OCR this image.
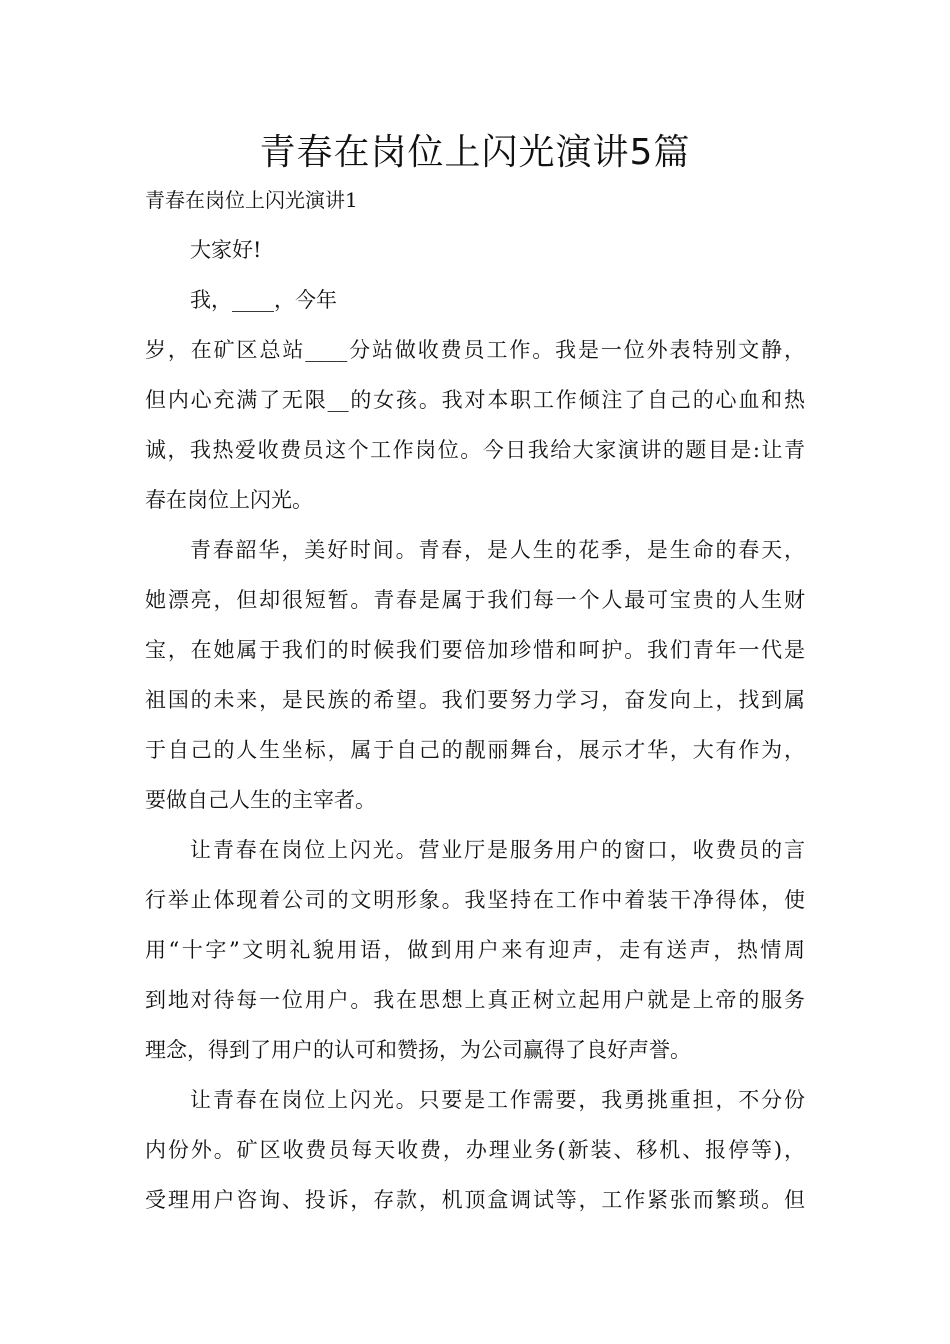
青春在岗位上闪光演讲5篇
青春在岗位上闪光演讲1
大家好!
我，____，今年
岁，在矿区总站____分站做收费员工作。我是一位外表特别文静，
但内心充满了无限__的女孩。我对本职工作倾注了自己的心血和热
诚，我热爱收费员这个工作岗位。今日我给大家演讲的题目是:让青
春在岗位上闪光。
青春韶华，美好时间。青春，是人生的花季，是生命的春天，
她漂亮，但却很短暂。青春是属于我们每一个人最可宝贵的人生财
宝，在她属于我们的时候我们要倍加珍惜和呵护。我们青年一代是
祖国的未来，是民族的希望。我们要努力学习，奋发向上，找到属
于自己的人生坐标，属于自己的靓丽舞台，展示才华，大有作为，
要做自己人生的主宰者。
让青春在岗位上闪光。营业厅是服务用户的窗口，收费员的言
行举止体现着公司的文明形象。我坚持在工作中着装干净得体，使
用“十字”文明礼貌用语，做到用户来有迎声，走有送声，热情周
到地对待每一位用户。我在思想上真正树立起用户就是上帝的服务
理念，得到了用户的认可和赞扬，为公司赢得了良好声誉。
让青春在岗位上闪光。只要是工作需要，我勇挑重担，不分份
内份外。矿区收费员每天收费，办理业务(新装、移机、报停等)，
受理用户咨询、投诉，存款，机顶盒调试等，工作紧张而繁琐。但
